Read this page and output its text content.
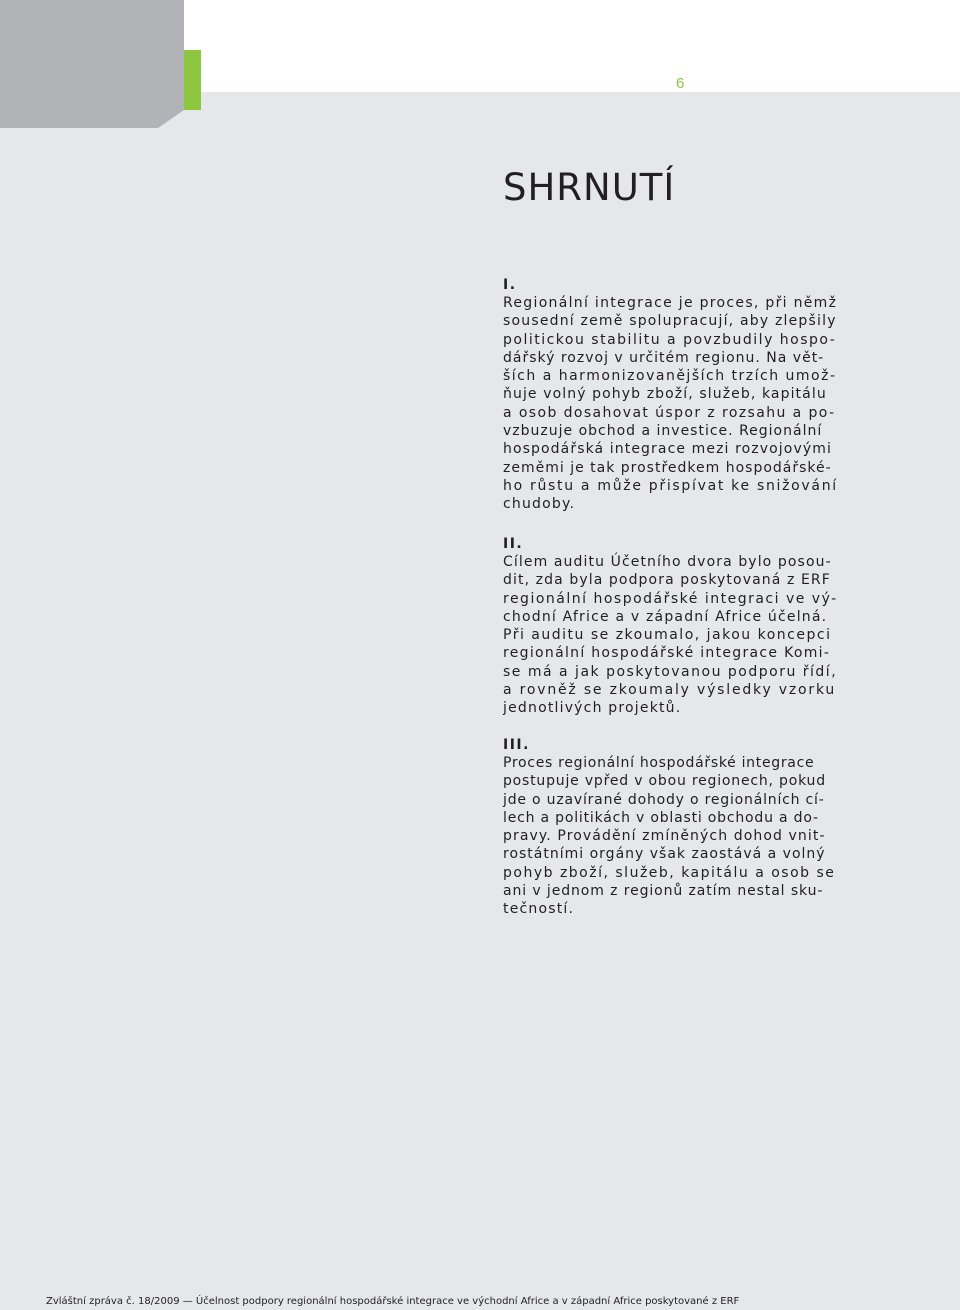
6
SHRNUTÍ
I.
Regionální integrace je proces, při němž
sousední země spolupracují, aby zlepšily
politickou stabilitu a povzbudily hospo-
dářský rozvoj v určitém regionu. Na vět-
ších a harmonizovanějších trzích umož-
ňuje volný pohyb zboží, služeb, kapitálu
a osob dosahovat úspor z rozsahu a po-
vzbuzuje obchod a investice. Regionální
hospodářská integrace mezi rozvojovými
zeměmi je tak prostředkem hospodářské-
ho růstu a může přispívat ke snižování
chudoby.
II.
Cílem auditu Účetního dvora bylo posou-
dit, zda byla podpora poskytovaná z ERF
regionální hospodářské integraci ve vý-
chodní Africe a v západní Africe účelná.
Při auditu se zkoumalo, jakou koncepci
regionální hospodářské integrace Komi-
se má a jak poskytovanou podporu řídí,
a rovněž se zkoumaly výsledky vzorku
jednotlivých projektů.
III.
Proces regionální hospodářské integrace
postupuje vpřed v obou regionech, pokud
jde o uzavírané dohody o regionálních cí-
lech a politikách v oblasti obchodu a do-
pravy. Provádění zmíněných dohod vnit-
rostátními orgány však zaostává a volný
pohyb zboží, služeb, kapitálu a osob se
ani v jednom z regionů zatím nestal sku-
tečností.
Zvláštní zpráva č. 18/2009 — Účelnost podpory regionální hospodářské integrace ve východní Africe a v západní Africe poskytované z ERF
